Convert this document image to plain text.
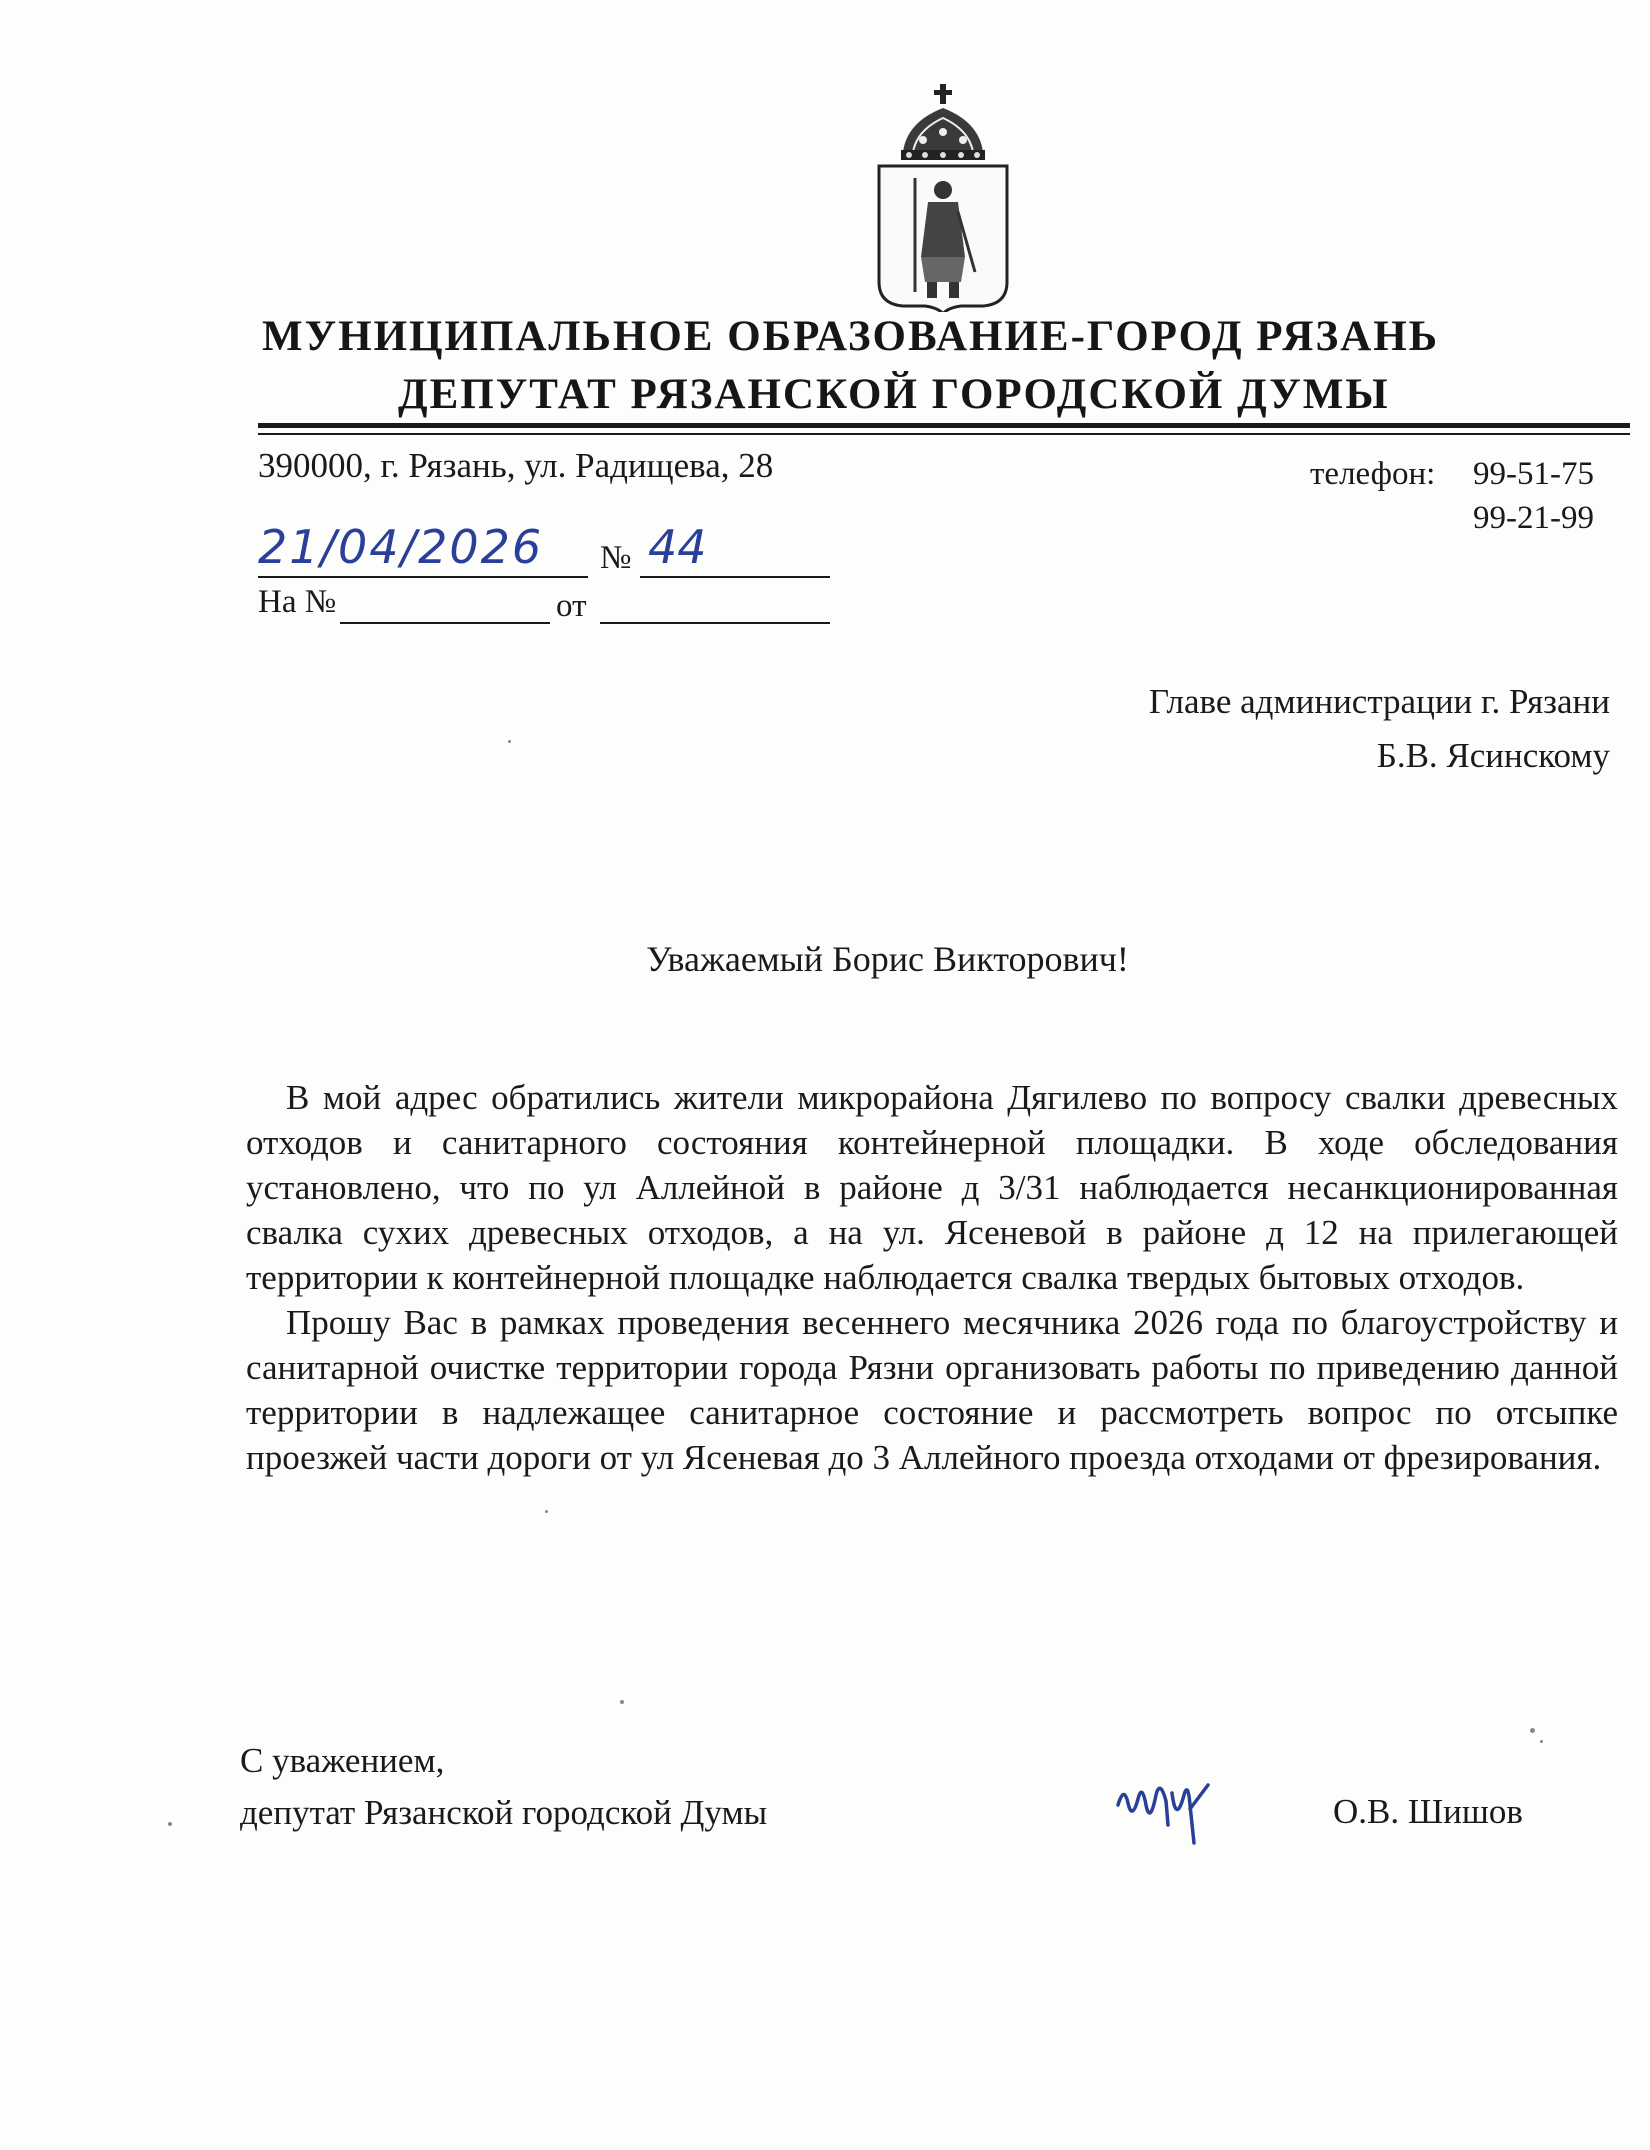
МУНИЦИПАЛЬНОЕ ОБРАЗОВАНИЕ-ГОРОД РЯЗАНЬ
ДЕПУТАТ РЯЗАНСКОЙ ГОРОДСКОЙ ДУМЫ
390000, г. Рязань, ул. Радищева, 28	телефон: 99-51-75
99-21-99
21/04/2026 № 44
На №	от
Главе администрации г. Рязани
Б.В. Ясинскому
Уважаемый Борис Викторович!

В мой адрес обратились жители микрорайона Дягилево по вопросу свалки древесных отходов и санитарного состояния контейнерной площадки. В ходе обследования установлено, что по ул Аллейной в районе д 3/31 наблюдается несанкционированная свалка сухих древесных отходов, а на ул. Ясеневой в районе д 12 на прилегающей территории к контейнерной площадке наблюдается свалка твердых бытовых отходов.

Прошу Вас в рамках проведения весеннего месячника 2026 года по благоустройству и санитарной очистке территории города Рязни организовать работы по приведению данной территории в надлежащее санитарное состояние и рассмотреть вопрос по отсыпке проезжей части дороги от ул Ясеневая до 3 Аллейного проезда отходами от фрезирования.

С уважением,
депутат Рязанской городской Думы	О.В. Шишов
